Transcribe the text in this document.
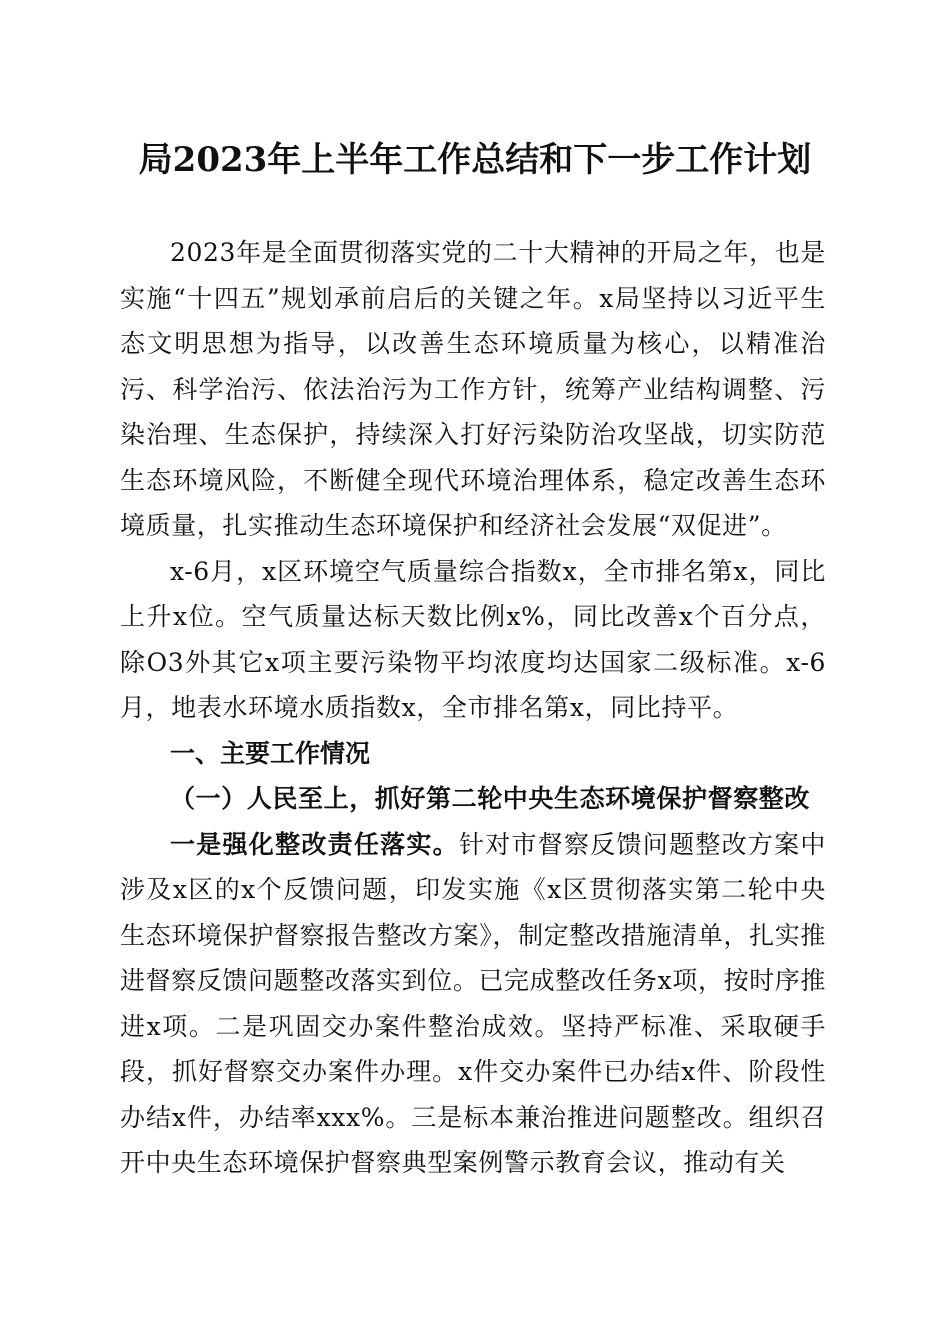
局2023年上半年工作总结和下一步工作计划

2023年是全面贯彻落实党的二十大精神的开局之年，也是实施“十四五”规划承前启后的关键之年。x局坚持以习近平生态文明思想为指导，以改善生态环境质量为核心，以精准治污、科学治污、依法治污为工作方针，统筹产业结构调整、污染治理、生态保护，持续深入打好污染防治攻坚战，切实防范生态环境风险，不断健全现代环境治理体系，稳定改善生态环境质量，扎实推动生态环境保护和经济社会发展“双促进”。

x-6月，x区环境空气质量综合指数x，全市排名第x，同比上升x位。空气质量达标天数比例x%，同比改善x个百分点，除O3外其它x项主要污染物平均浓度均达国家二级标准。x-6月，地表水环境水质指数x，全市排名第x，同比持平。

一、主要工作情况

（一）人民至上，抓好第二轮中央生态环境保护督察整改

一是强化整改责任落实。针对市督察反馈问题整改方案中涉及x区的x个反馈问题，印发实施《x区贯彻落实第二轮中央生态环境保护督察报告整改方案》，制定整改措施清单，扎实推进督察反馈问题整改落实到位。已完成整改任务x项，按时序推进x项。二是巩固交办案件整治成效。坚持严标准、采取硬手段，抓好督察交办案件办理。x件交办案件已办结x件、阶段性办结x件，办结率xxx%。三是标本兼治推进问题整改。组织召开中央生态环境保护督察典型案例警示教育会议，推动有关
